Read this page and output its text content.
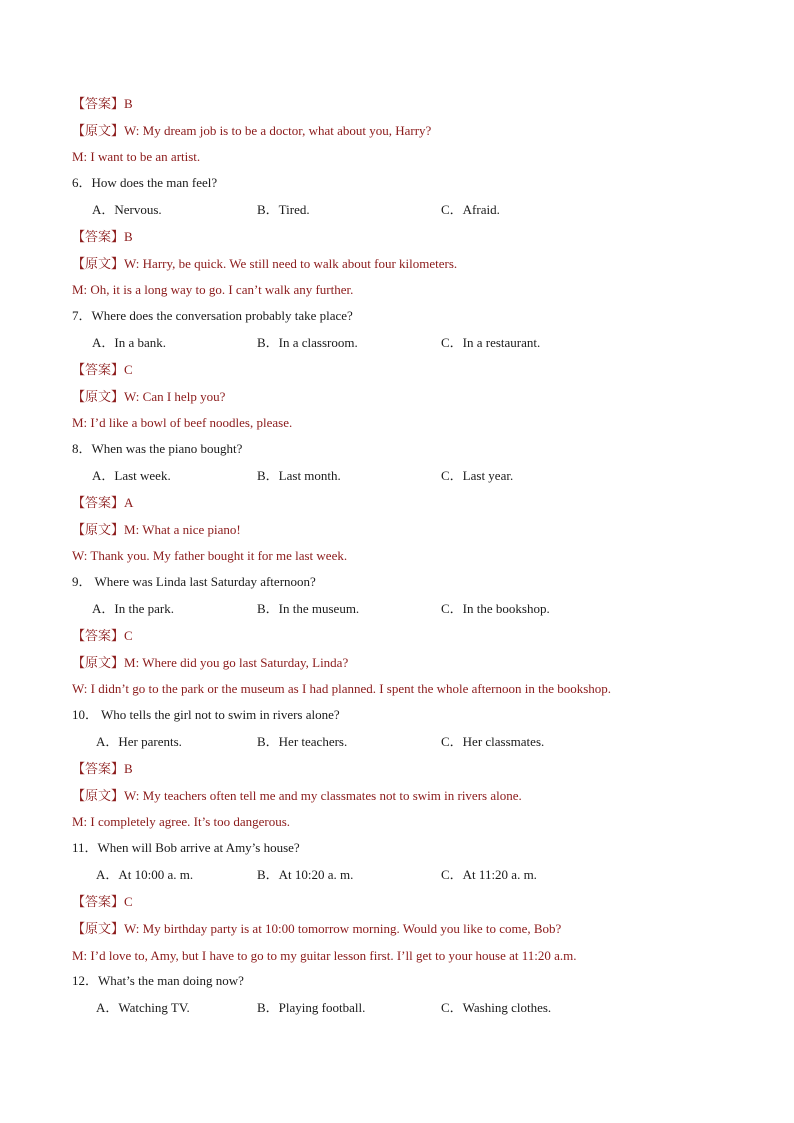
【答案】B
【原文】W: My dream job is to be a doctor, what about you, Harry?
M: I want to be an artist.
6．How does the man feel?
A．Nervous.	B．Tired.	C．Afraid.
【答案】B
【原文】W: Harry, be quick. We still need to walk about four kilometers.
M: Oh, it is a long way to go. I can’t walk any further.
7．Where does the conversation probably take place?
A．In a bank.	B．In a classroom.	C．In a restaurant.
【答案】C
【原文】W: Can I help you?
M: I’d like a bowl of beef noodles, please.
8．When was the piano bought?
A．Last week.	B．Last month.	C．Last year.
【答案】A
【原文】M: What a nice piano!
W: Thank you. My father bought it for me last week.
9． Where was Linda last Saturday afternoon?
A．In the park.	B．In the museum.	C．In the bookshop.
【答案】C
【原文】M: Where did you go last Saturday, Linda?
W: I didn’t go to the park or the museum as I had planned. I spent the whole afternoon in the bookshop.
10． Who tells the girl not to swim in rivers alone?
A．Her parents.	B．Her teachers.	C．Her classmates.
【答案】B
【原文】W: My teachers often tell me and my classmates not to swim in rivers alone.
M: I completely agree. It’s too dangerous.
11．When will Bob arrive at Amy’s house?
A．At 10:00 a. m.	B．At 10:20 a. m.	C．At 11:20 a. m.
【答案】C
【原文】W: My birthday party is at 10:00 tomorrow morning. Would you like to come, Bob?
M: I’d love to, Amy, but I have to go to my guitar lesson first. I’ll get to your house at 11:20 a.m.
12．What’s the man doing now?
A．Watching TV.	B．Playing football.	C．Washing clothes.
